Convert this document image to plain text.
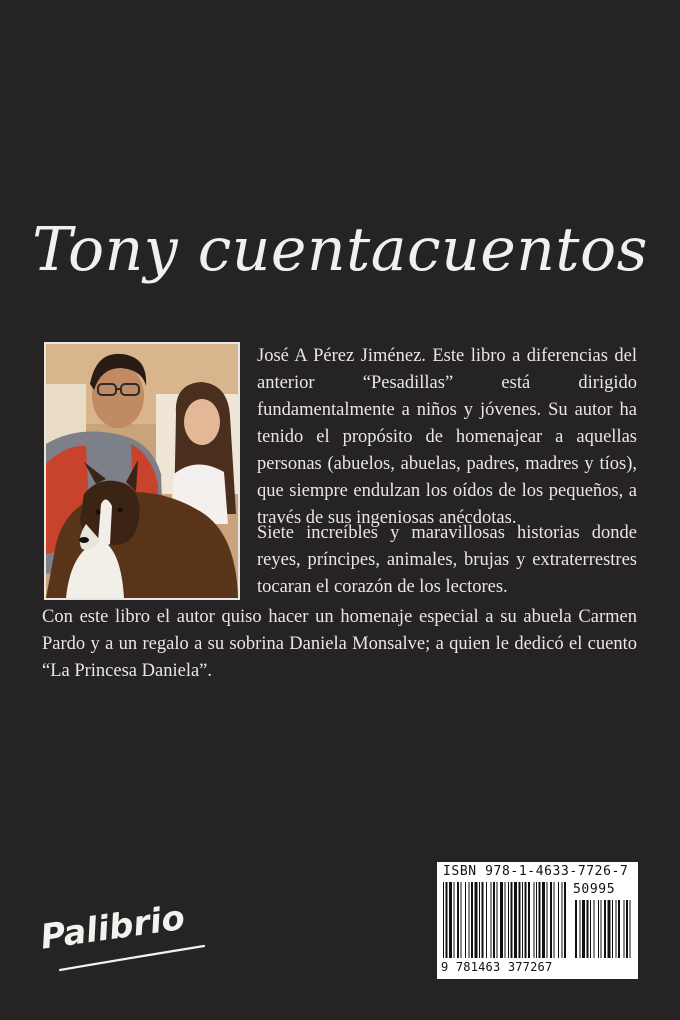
Tony cuentacuentos

José A Pérez Jiménez. Este libro a diferencias del anterior “Pesadillas” está dirigido fundamentalmente a niños y jóvenes. Su autor ha tenido el propósito de homenajear a aquellas personas (abuelos, abuelas, padres, madres y tíos), que siempre endulzan los oídos de los pequeños, a través de sus ingeniosas anécdotas.

Siete increíbles y maravillosas historias donde reyes, príncipes, animales, brujas y extraterrestres tocaran el corazón de los lectores.

Con este libro el autor quiso hacer un homenaje especial a su abuela Carmen Pardo y a un regalo a su sobrina Daniela Monsalve; a quien le dedicó el cuento “La Princesa Daniela”.

ISBN 978-1-4633-7726-7
50995
9 781463 377267
Palibrio
